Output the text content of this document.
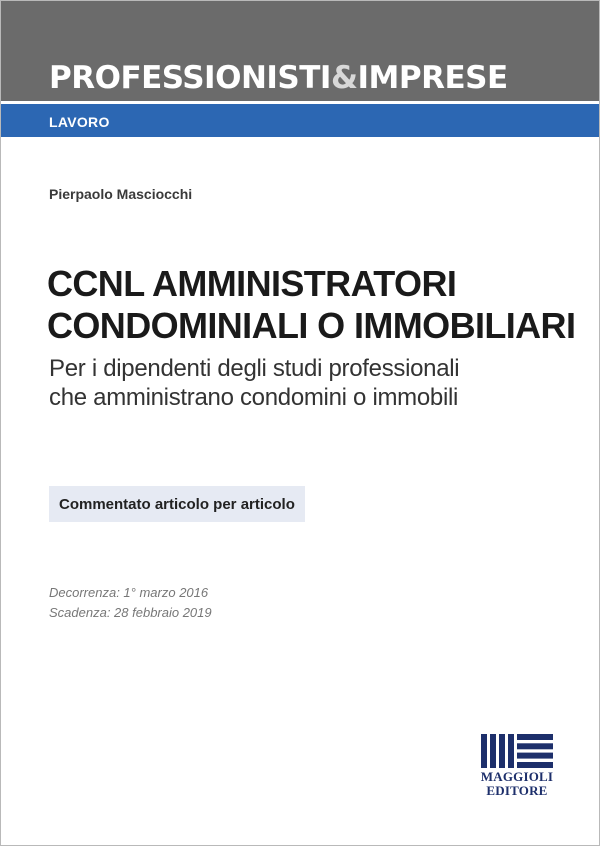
PROFESSIONISTI&IMPRESE
LAVORO
Pierpaolo Masciocchi
CCNL AMMINISTRATORI
CONDOMINIALI O IMMOBILIARI
Per i dipendenti degli studi professionali
che amministrano condomini o immobili
Commentato articolo per articolo
Decorrenza: 1° marzo 2016
Scadenza: 28 febbraio 2019
MAGGIOLI
EDITORE
